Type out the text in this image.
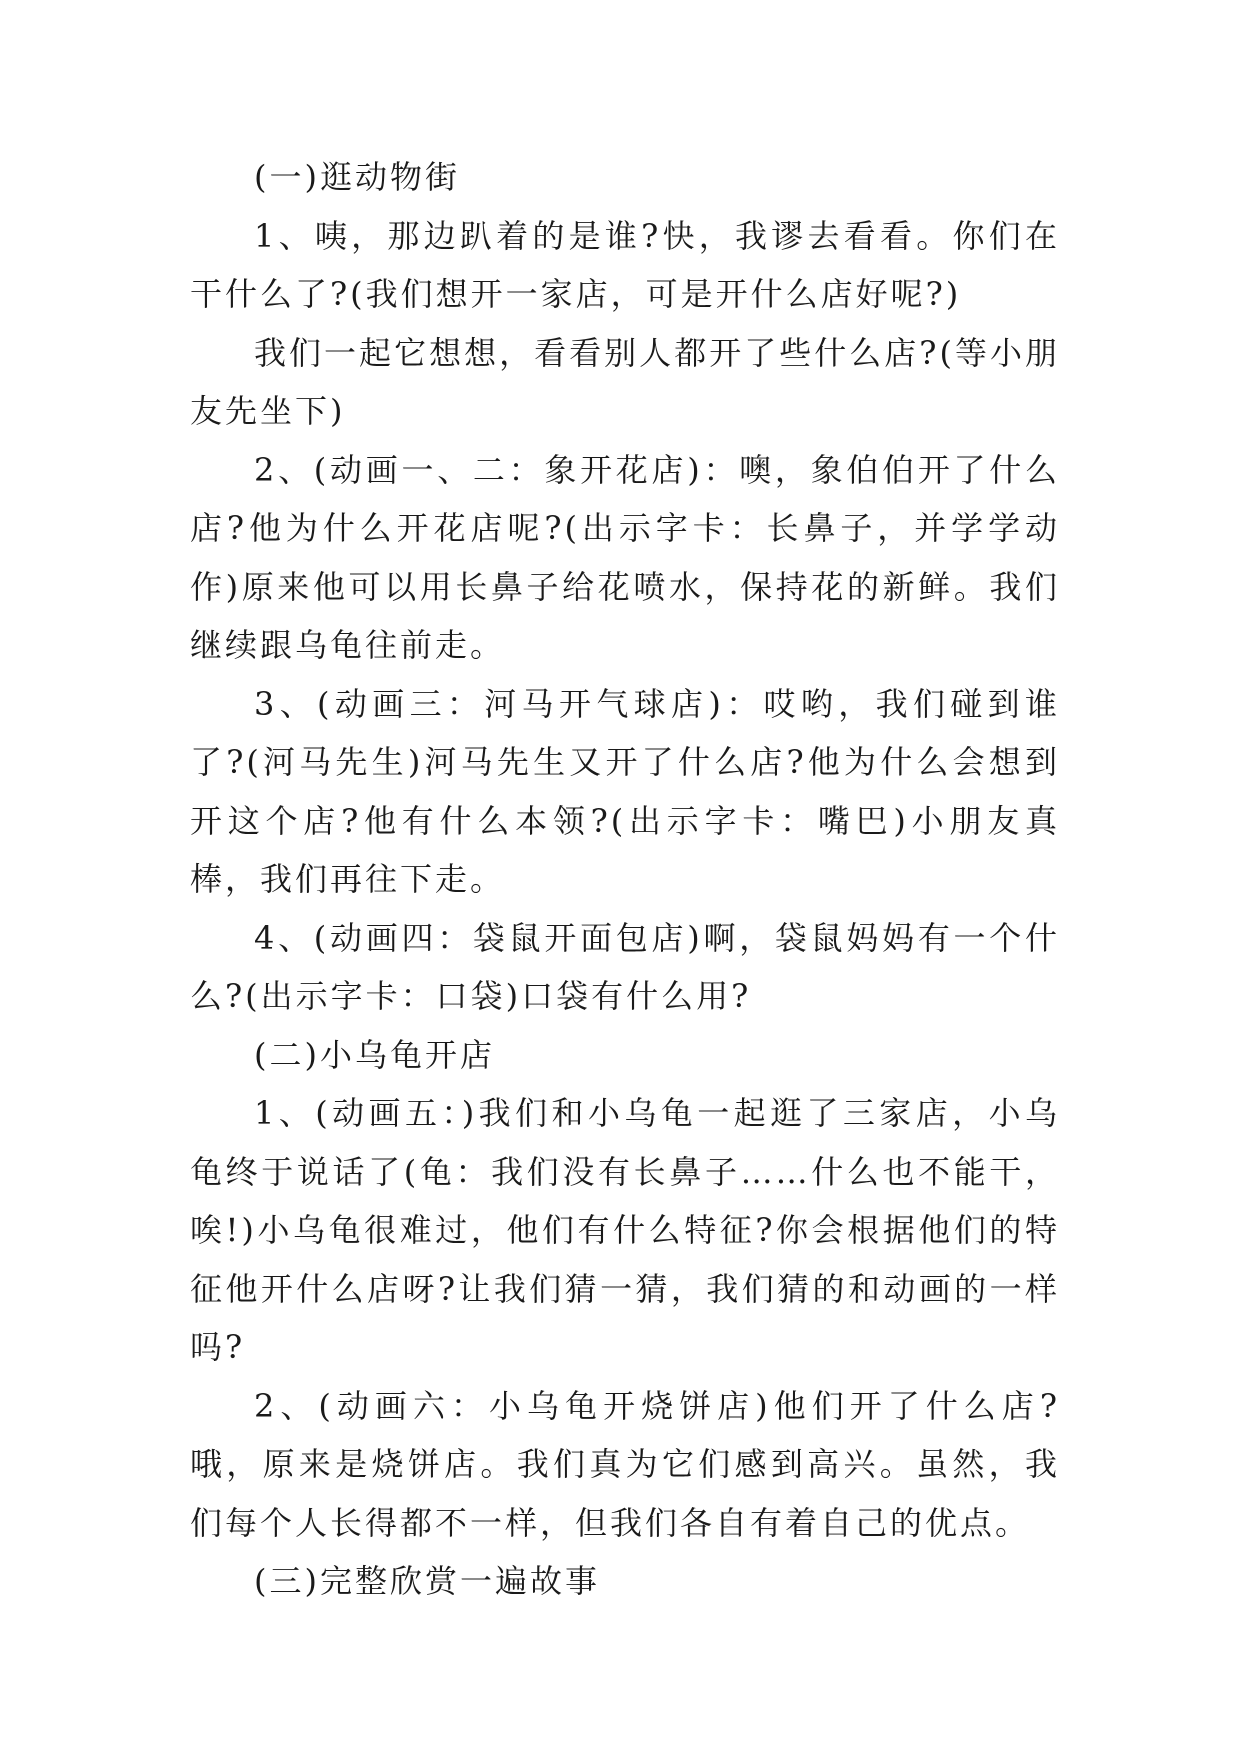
(一)逛动物街

1、咦，那边趴着的是谁?快，我谬去看看。你们在干什么了?(我们想开一家店，可是开什么店好呢?)

我们一起它想想，看看别人都开了些什么店?(等小朋友先坐下)

2、(动画一、二：象开花店)：噢，象伯伯开了什么店?他为什么开花店呢?(出示字卡：长鼻子，并学学动作)原来他可以用长鼻子给花喷水，保持花的新鲜。我们继续跟乌龟往前走。

3、(动画三：河马开气球店)：哎哟，我们碰到谁了?(河马先生)河马先生又开了什么店?他为什么会想到开这个店?他有什么本领?(出示字卡：嘴巴)小朋友真棒，我们再往下走。

4、(动画四：袋鼠开面包店)啊，袋鼠妈妈有一个什么?(出示字卡：口袋)口袋有什么用?

(二)小乌龟开店

1、(动画五：)我们和小乌龟一起逛了三家店，小乌龟终于说话了(龟：我们没有长鼻子……什么也不能干，唉!)小乌龟很难过，他们有什么特征?你会根据他们的特征他开什么店呀?让我们猜一猜，我们猜的和动画的一样吗?

2、(动画六：小乌龟开烧饼店)他们开了什么店?哦，原来是烧饼店。我们真为它们感到高兴。虽然，我们每个人长得都不一样，但我们各自有着自己的优点。

(三)完整欣赏一遍故事
